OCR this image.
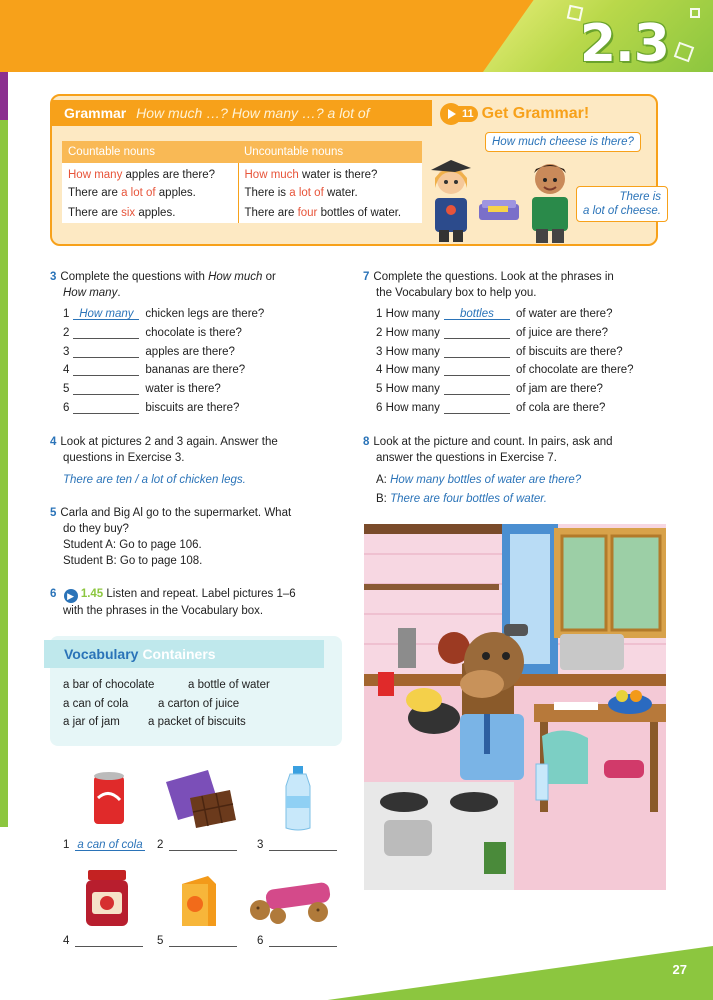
2.3
Grammar How much …? How many …? a lot of	11 Get Grammar!
Countable nouns	Uncountable nouns
How many apples are there?	How much water is there?
There are a lot of apples.	There is a lot of water.
There are six apples.	There are four bottles of water.
How much cheese is there?
There is
a lot of cheese.
3 Complete the questions with How much or
How many.
1 How many chicken legs are there?
2	chocolate is there?
3	apples are there?
4	bananas are there?
5	water is there?
6	biscuits are there?
4 Look at pictures 2 and 3 again. Answer the
questions in Exercise 3.
There are ten / a lot of chicken legs.
5 Carla and Big Al go to the supermarket. What
do they buy?
Student A: Go to page 106.
Student B: Go to page 108.
6 ▶ 1.45 Listen and repeat. Label pictures 1–6
with the phrases in the Vocabulary box.
Vocabulary Containers
a bar of chocolate	a bottle of water
a can of cola	a carton of juice
a jar of jam a packet of biscuits
1 a can of cola 2	3
4	5	6
7 Complete the questions. Look at the phrases in
the Vocabulary box to help you.
1 How many bottles of water are there?
2 How many	of juice are there?
3 How many	of biscuits are there?
4 How many	of chocolate are there?
5 How many	of jam are there?
6 How many	of cola are there?
8 Look at the picture and count. In pairs, ask and
answer the questions in Exercise 7.
A: How many bottles of water are there?
B: There are four bottles of water.
27
